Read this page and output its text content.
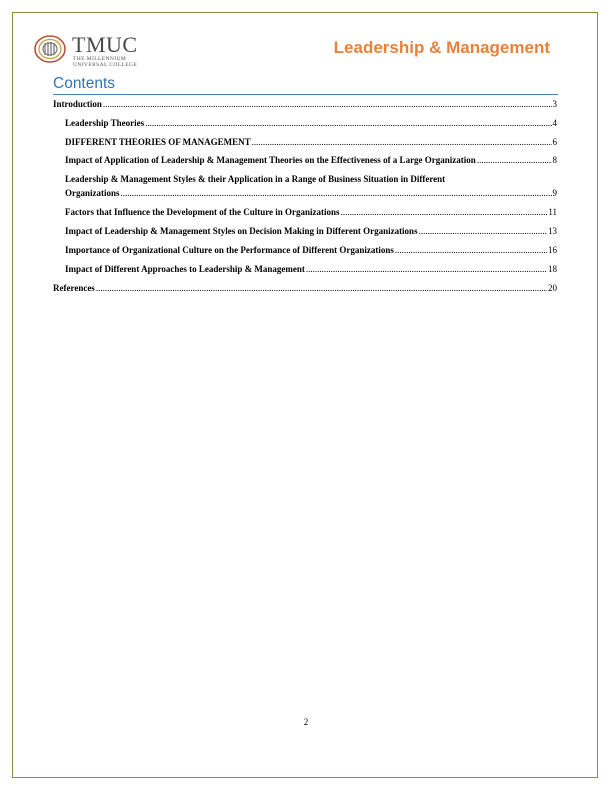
TMUC
THE MILLENNIUM
UNIVERSAL COLLEGE
Leadership & Management
Contents
Introduction .....	3
Leadership Theories .....	4
DIFFERENT THEORIES OF MANAGEMENT .....	6
Impact of Application of Leadership & Management Theories on the Effectiveness of a Large Organization .....	8
Leadership & Management Styles & their Application in a Range of Business Situation in Different
Organizations .....	9
Factors that Influence the Development of the Culture in Organizations .....	11
Impact of Leadership & Management Styles on Decision Making in Different Organizations .....	13
Importance of Organizational Culture on the Performance of Different Organizations .....	16
Impact of Different Approaches to Leadership & Management .....	18
References .....	20
2
